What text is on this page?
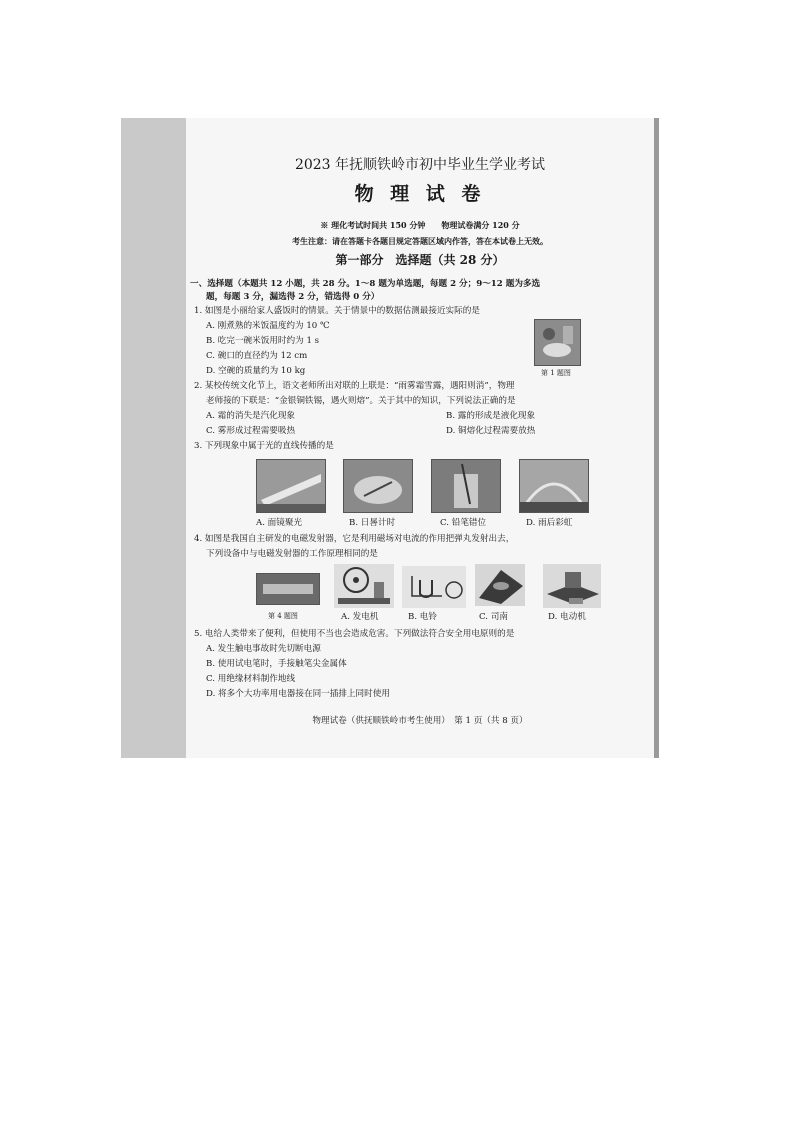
2023 年抚顺铁岭市初中毕业生学业考试
物 理 试 卷
※ 理化考试时间共 150 分钟　　物理试卷满分 120 分
考生注意：请在答题卡各题目规定答题区域内作答，答在本试卷上无效。
第一部分　选择题（共 28 分）
一、选择题（本题共 12 小题，共 28 分。1～8 题为单选题，每题 2 分；9～12 题为多选
题，每题 3 分，漏选得 2 分，错选得 0 分）
1. 如图是小丽给家人盛饭时的情景。关于情景中的数据估测最接近实际的是
A. 刚煮熟的米饭温度约为 10 ℃
B. 吃完一碗米饭用时约为 1 s
C. 碗口的直径约为 12 cm
D. 空碗的质量约为 10 kg	第 1 题图
2. 某校传统文化节上，语文老师所出对联的上联是：“雨雾霜雪露，遇阳则消”，物理
老师接的下联是：“金银铜铁锡，遇火则熔”。关于其中的知识，下列说法正确的是
A. 霜的消失是汽化现象	B. 露的形成是液化现象
C. 雾形成过程需要吸热	D. 铜熔化过程需要放热
3. 下列现象中属于光的直线传播的是
A. 面镜聚光	B. 日晷计时	C. 铅笔错位	D. 雨后彩虹
4. 如图是我国自主研发的电磁发射器，它是利用磁场对电流的作用把弹丸发射出去，
下列设备中与电磁发射器的工作原理相同的是
第 4 题图	A. 发电机	B. 电铃	C. 司南	D. 电动机
5. 电给人类带来了便利，但使用不当也会造成危害。下列做法符合安全用电原则的是
A. 发生触电事故时先切断电源
B. 使用试电笔时，手接触笔尖金属体
C. 用绝缘材料制作地线
D. 将多个大功率用电器接在同一插排上同时使用
物理试卷（供抚顺铁岭市考生使用）　第 1 页（共 8 页）
